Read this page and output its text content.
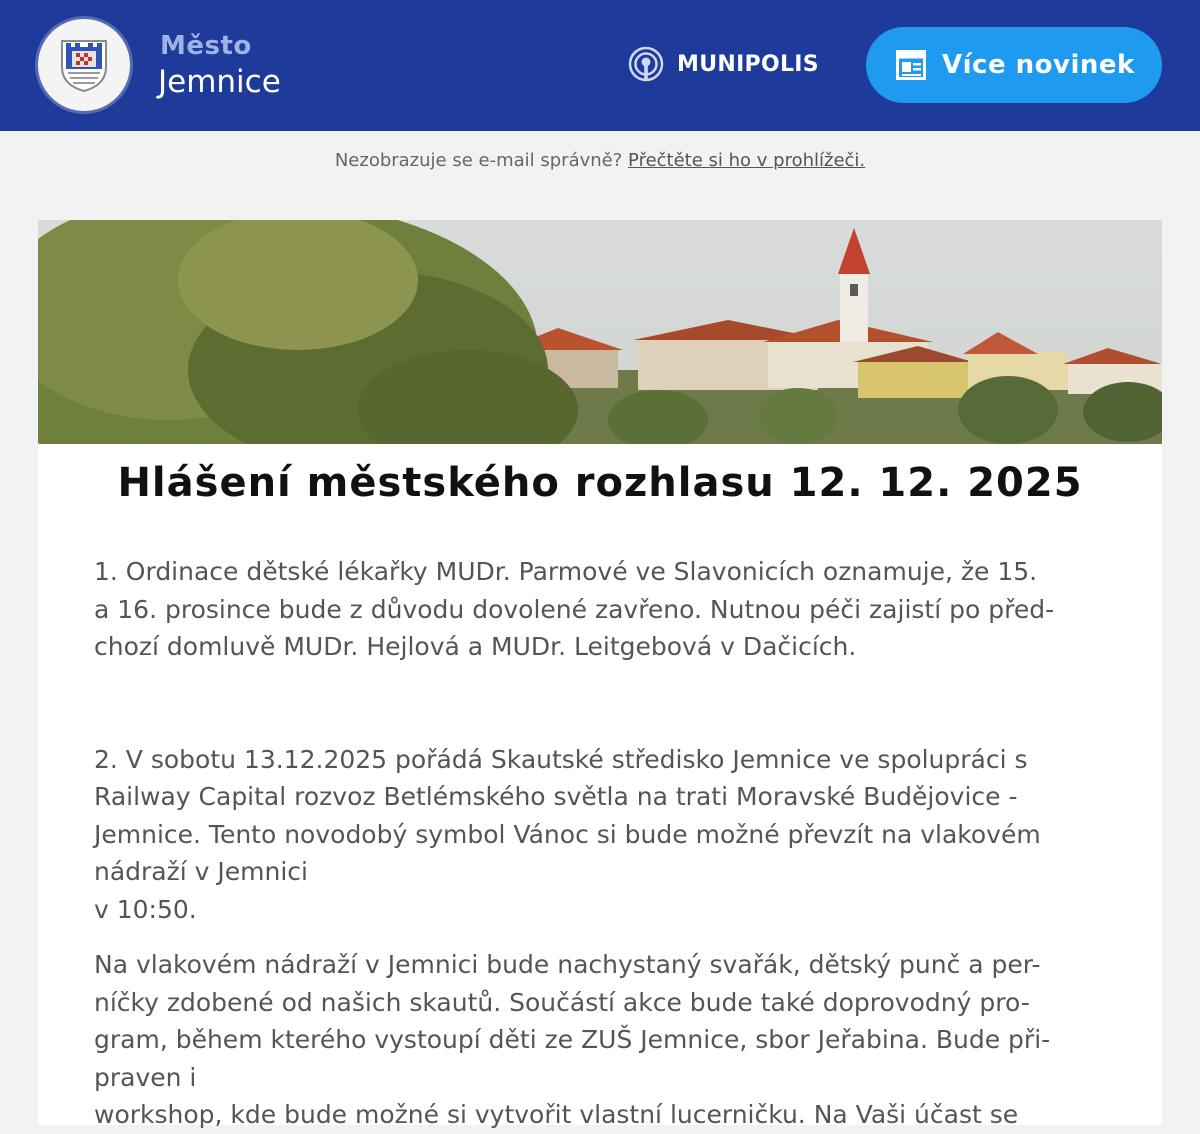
Město
Jemnice	MUNIPOLIS	Více novinek
Nezobrazuje se e-mail správně? Přečtěte si ho v prohlížeči.
Hlášení městského rozhlasu 12. 12. 2025

1. Ordinace dětské lékařky MUDr. Parmové ve Slavonicích oznamuje, že 15.
a 16. prosince bude z důvodu dovolené zavřeno. Nutnou péči zajistí po před-
chozí domluvě MUDr. Hejlová a MUDr. Leitgebová v Dačicích.

2. V sobotu 13.12.2025 pořádá Skautské středisko Jemnice ve spolupráci s
Railway Capital rozvoz Betlémského světla na trati Moravské Budějovice -
Jemnice. Tento novodobý symbol Vánoc si bude možné převzít na vlakovém
nádraží v Jemnici
v 10:50.

Na vlakovém nádraží v Jemnici bude nachystaný svařák, dětský punč a per-
níčky zdobené od našich skautů. Součástí akce bude také doprovodný pro-
gram, během kterého vystoupí děti ze ZUŠ Jemnice, sbor Jeřabina. Bude při-
praven i
workshop, kde bude možné si vytvořit vlastní lucerničku. Na Vaši účast se
